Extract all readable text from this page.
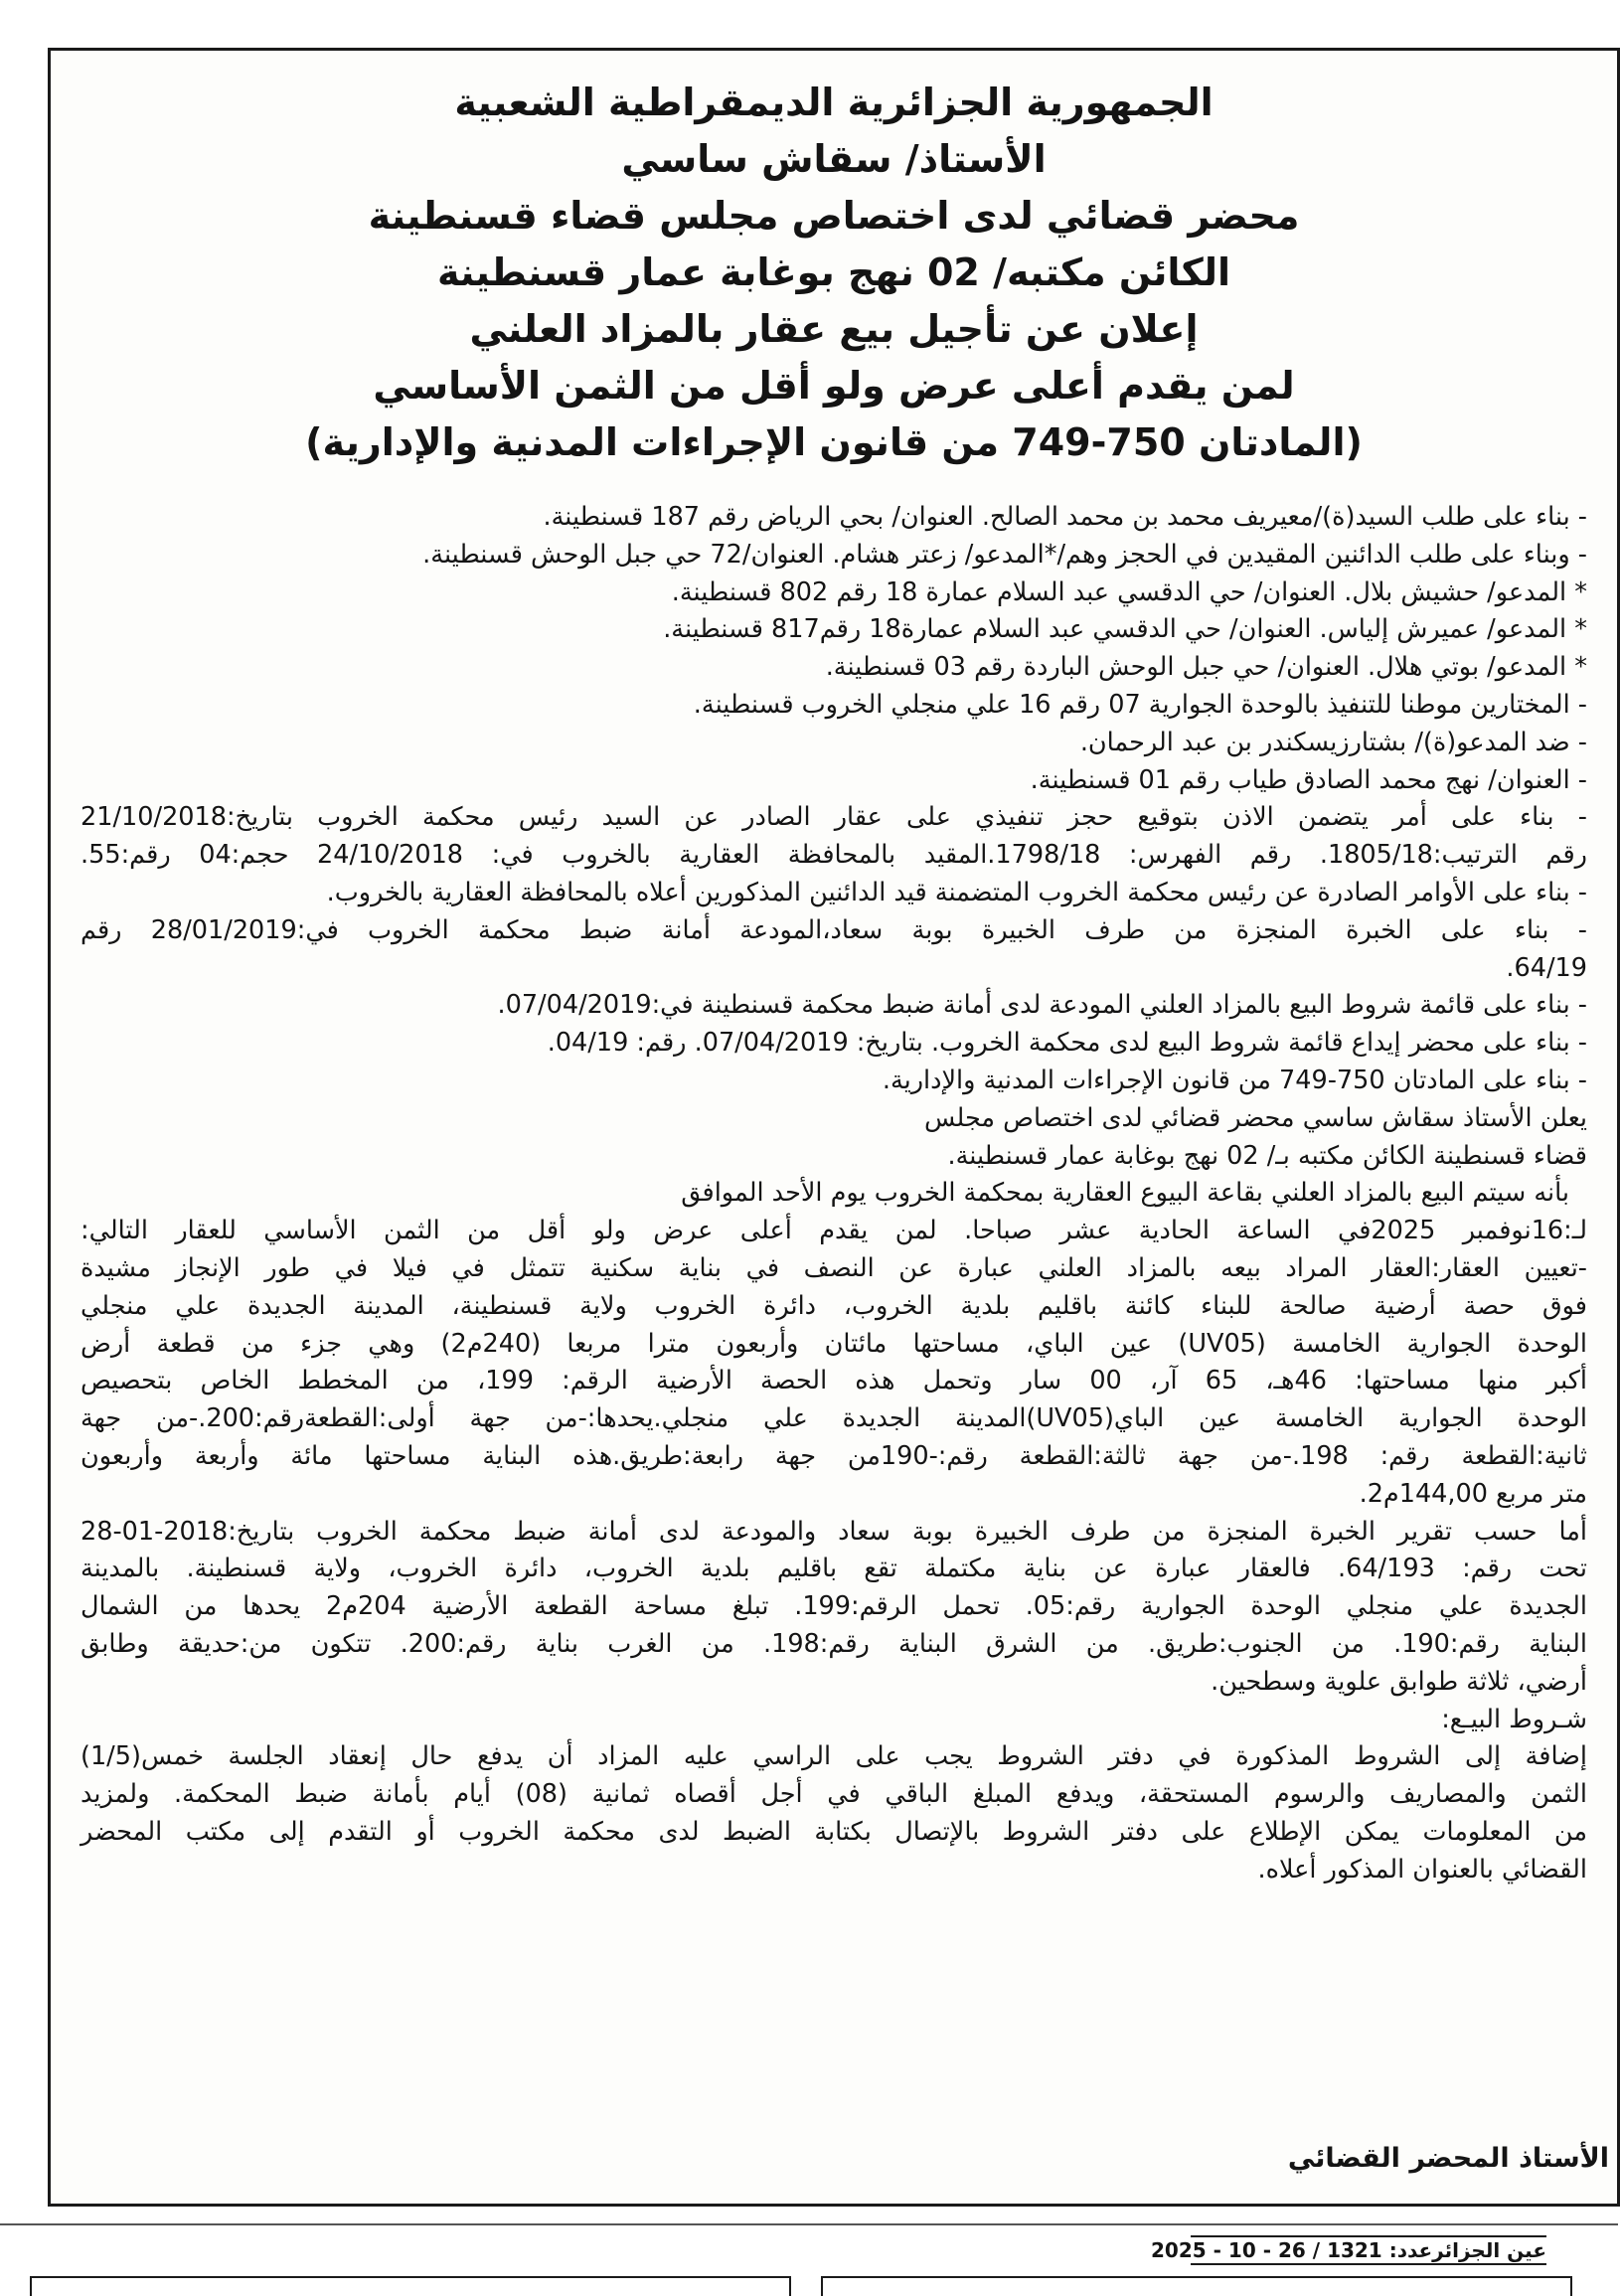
الجمهورية الجزائرية الديمقراطية الشعبية

الأستاذ/ سقاش ساسي

محضر قضائي لدى اختصاص مجلس قضاء قسنطينة

الكائن مكتبه/ 02 نهج بوغابة عمار قسنطينة

إعلان عن تأجيل بيع عقار بالمزاد العلني

لمن يقدم أعلى عرض ولو أقل من الثمن الأساسي

(المادتان 750-749 من قانون الإجراءات المدنية والإدارية)

- بناء على طلب السيد(ة)/معيريف محمد بن محمد الصالح. العنوان/ بحي الرياض رقم 187 قسنطينة.
- وبناء على طلب الدائنين المقيدين في الحجز وهم/*المدعو/ زعتر هشام. العنوان/72 حي جبل الوحش قسنطينة.
* المدعو/ حشيش بلال. العنوان/ حي الدقسي عبد السلام عمارة 18 رقم 802 قسنطينة.
* المدعو/ عميرش إلياس. العنوان/ حي الدقسي عبد السلام عمارة18 رقم817 قسنطينة.
* المدعو/ بوتي هلال. العنوان/ حي جبل الوحش الباردة رقم 03 قسنطينة.
- المختارين موطنا للتنفيذ بالوحدة الجوارية 07 رقم 16 علي منجلي الخروب قسنطينة.
- ضد المدعو(ة)/ بشتارزيسكندر بن عبد الرحمان.
- العنوان/ نهج محمد الصادق طياب رقم 01 قسنطينة.
- بناء على أمر يتضمن الاذن بتوقيع حجز تنفيذي على عقار الصادر عن السيد رئيس محكمة الخروب بتاريخ:21/10/2018
رقم الترتيب:1805/18. رقم الفهرس: 1798/18.المقيد بالمحافظة العقارية بالخروب في: 24/10/2018 حجم:04 رقم:55.
- بناء على الأوامر الصادرة عن رئيس محكمة الخروب المتضمنة قيد الدائنين المذكورين أعلاه بالمحافظة العقارية بالخروب.
- بناء على الخبرة المنجزة من طرف الخبيرة بوبة سعاد،المودعة أمانة ضبط محكمة الخروب في:28/01/2019 رقم
64/19.
- بناء على قائمة شروط البيع بالمزاد العلني المودعة لدى أمانة ضبط محكمة قسنطينة في:07/04/2019.
- بناء على محضر إيداع قائمة شروط البيع لدى محكمة الخروب. بتاريخ: 07/04/2019. رقم: 04/19.
- بناء على المادتان 750-749 من قانون الإجراءات المدنية والإدارية.
يعلن الأستاذ سقاش ساسي محضر قضائي لدى اختصاص مجلس
قضاء قسنطينة الكائن مكتبه بـ/ 02 نهج بوغابة عمار قسنطينة.
بأنه سيتم البيع بالمزاد العلني بقاعة البيوع العقارية بمحكمة الخروب يوم الأحد الموافق
لـ:16نوفمبر 2025في الساعة الحادية عشر صباحا. لمن يقدم أعلى عرض ولو أقل من الثمن الأساسي للعقار التالي:
-تعيين العقار:العقار المراد بيعه بالمزاد العلني عبارة عن النصف في بناية سكنية تتمثل في فيلا في طور الإنجاز مشيدة
فوق حصة أرضية صالحة للبناء كائنة باقليم بلدية الخروب، دائرة الخروب ولاية قسنطينة، المدينة الجديدة علي منجلي
الوحدة الجوارية الخامسة (UV05) عين الباي، مساحتها مائتان وأربعون مترا مربعا (240م2) وهي جزء من قطعة أرض
أكبر منها مساحتها: 46هـ، 65 آر، 00 سار وتحمل هذه الحصة الأرضية الرقم: 199، من المخطط الخاص بتحصيص
الوحدة الجوارية الخامسة عين الباي(UV05)المدينة الجديدة علي منجلي.يحدها:-من جهة أولى:القطعةرقم:200.-من جهة
ثانية:القطعة رقم: 198.-من جهة ثالثة:القطعة رقم:-190من جهة رابعة:طريق.هذه البناية مساحتها مائة وأربعة وأربعون
متر مربع 144,00م2.
أما حسب تقرير الخبرة المنجزة من طرف الخبيرة بوبة سعاد والمودعة لدى أمانة ضبط محكمة الخروب بتاريخ:2018-01-28
تحت رقم: 64/193. فالعقار عبارة عن بناية مكتملة تقع باقليم بلدية الخروب، دائرة الخروب، ولاية قسنطينة. بالمدينة
الجديدة علي منجلي الوحدة الجوارية رقم:05. تحمل الرقم:199. تبلغ مساحة القطعة الأرضية 204م2 يحدها من الشمال
البناية رقم:190. من الجنوب:طريق. من الشرق البناية رقم:198. من الغرب بناية رقم:200. تتكون من:حديقة وطابق
أرضي، ثلاثة طوابق علوية وسطحين.
شـروط البيـع:
إضافة إلى الشروط المذكورة في دفتر الشروط يجب على الراسي عليه المزاد أن يدفع حال إنعقاد الجلسة خمس(1/5)
الثمن والمصاريف والرسوم المستحقة، ويدفع المبلغ الباقي في أجل أقصاه ثمانية (08) أيام بأمانة ضبط المحكمة. ولمزيد
من المعلومات يمكن الإطلاع على دفتر الشروط بالإتصال بكتابة الضبط لدى محكمة الخروب أو التقدم إلى مكتب المحضر
القضائي بالعنوان المذكور أعلاه.

الأستاذ المحضر القضائي

عين الجزائرعدد: 1321 / 26 - 10 - 2025
